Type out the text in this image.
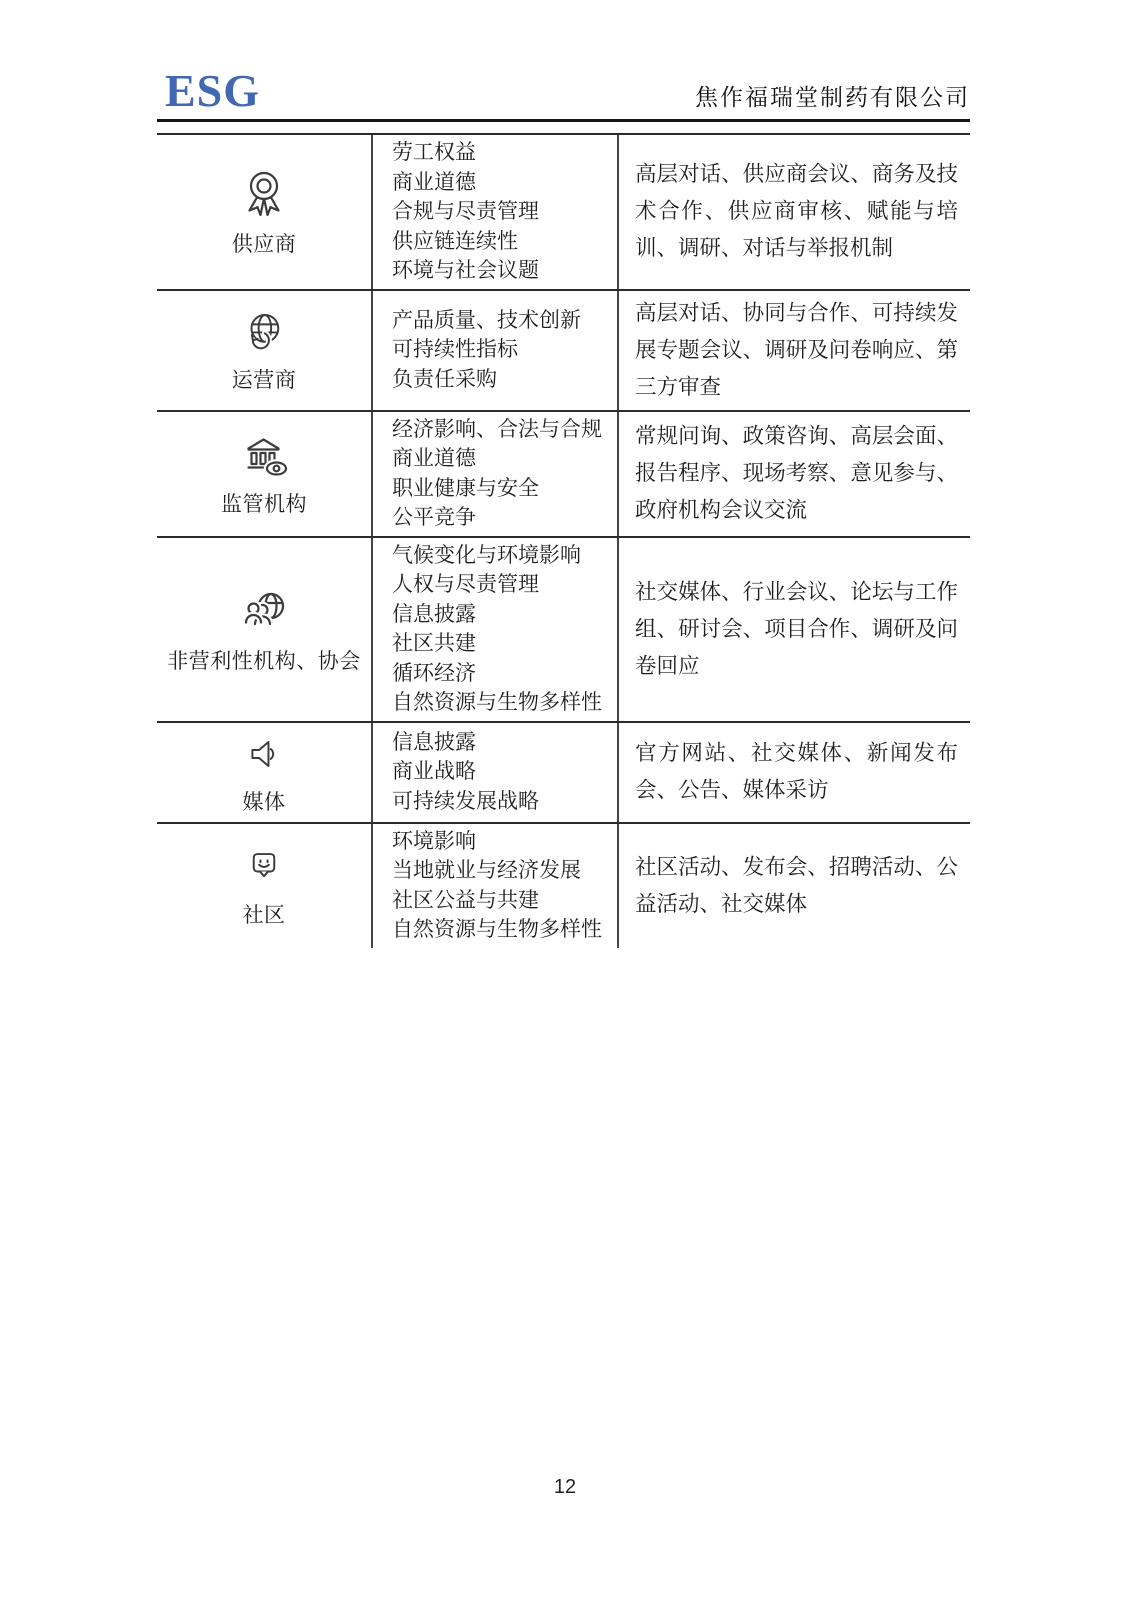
ESG	焦作福瑞堂制药有限公司
供应商
劳工权益
商业道德
合规与尽责管理
供应链连续性
环境与社会议题
高层对话、供应商会议、商务及技术合作、供应商审核、赋能与培训、调研、对话与举报机制
运营商
产品质量、技术创新
可持续性指标
负责任采购
高层对话、协同与合作、可持续发展专题会议、调研及问卷响应、第三方审查
监管机构
经济影响、合法与合规
商业道德
职业健康与安全
公平竞争
常规问询、政策咨询、高层会面、报告程序、现场考察、意见参与、政府机构会议交流
非营利性机构、协会
气候变化与环境影响
人权与尽责管理
信息披露
社区共建
循环经济
自然资源与生物多样性
社交媒体、行业会议、论坛与工作组、研讨会、项目合作、调研及问卷回应
媒体
信息披露
商业战略
可持续发展战略
官方网站、社交媒体、新闻发布会、公告、媒体采访
社区
环境影响
当地就业与经济发展
社区公益与共建
自然资源与生物多样性
社区活动、发布会、招聘活动、公益活动、社交媒体
12
